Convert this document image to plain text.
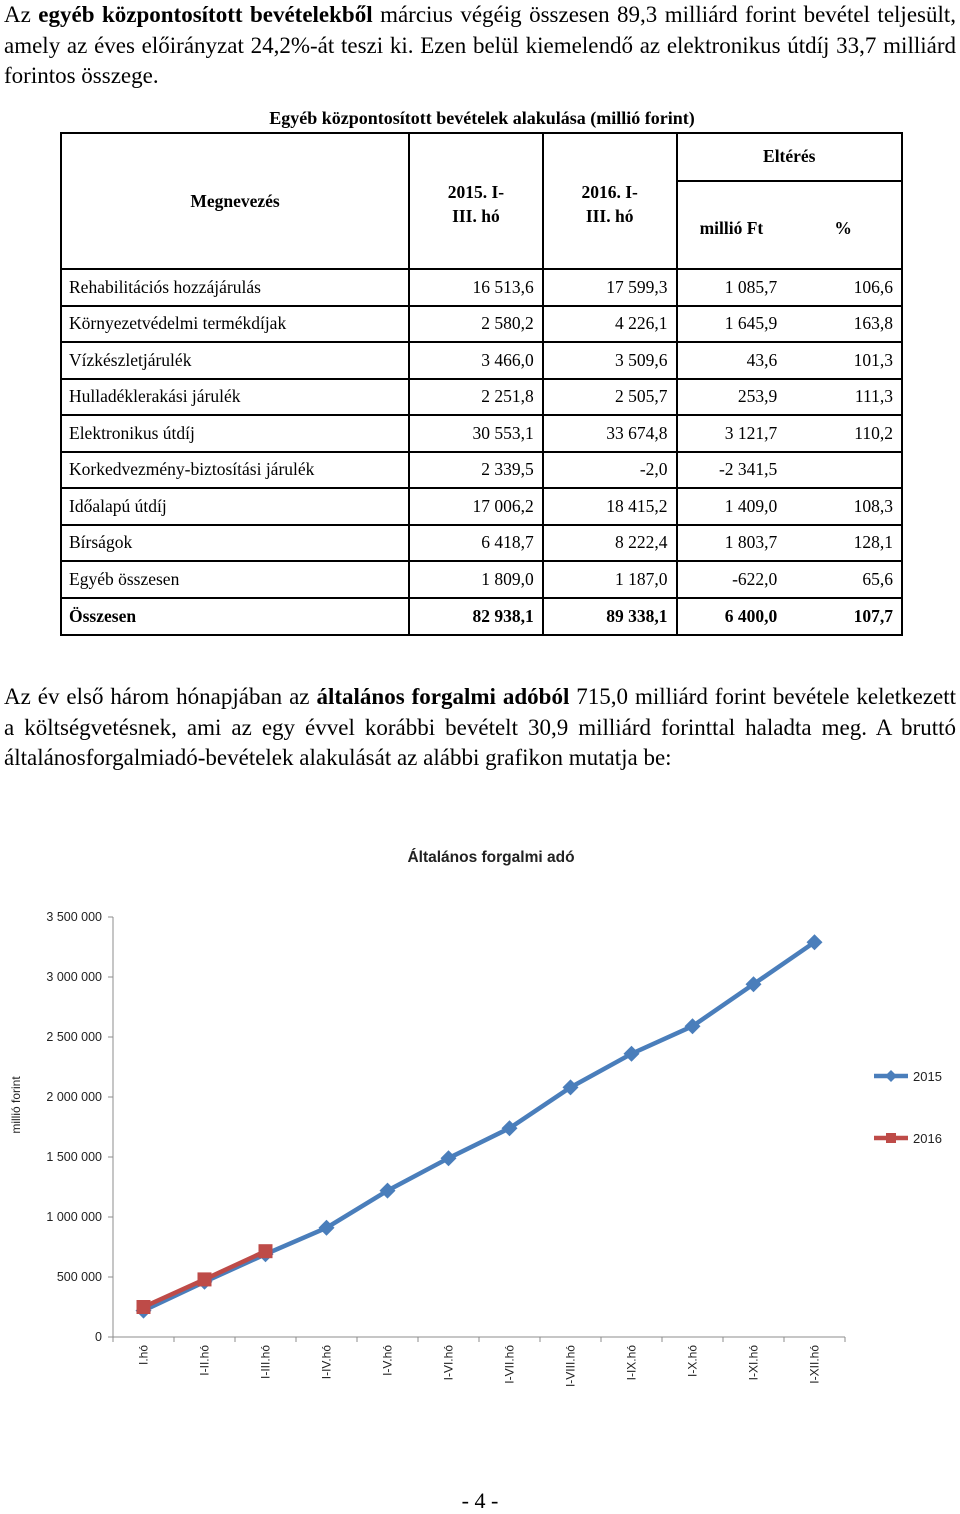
Az egyéb központosított bevételekből március végéig összesen 89,3 milliárd forint bevétel teljesült, amely az éves előirányzat 24,2%-át teszi ki. Ezen belül kiemelendő az elektronikus útdíj 33,7 milliárd forintos összege.
Egyéb központosított bevételek alakulása (millió forint)
Megnevezés	2015. I-III. hó	2016. I-III. hó	Eltérés	
			millió Ft	%
Rehabilitációs hozzájárulás	16 513,6	17 599,3	1 085,7	106,6
Környezetvédelmi termékdíjak	2 580,2	4 226,1	1 645,9	163,8
Vízkészletjárulék	3 466,0	3 509,6	43,6	101,3
Hulladéklerakási járulék	2 251,8	2 505,7	253,9	111,3
Elektronikus útdíj	30 553,1	33 674,8	3 121,7	110,2
Korkedvezmény-biztosítási járulék	2 339,5	-2,0	-2 341,5	
Időalapú útdíj	17 006,2	18 415,2	1 409,0	108,3
Bírságok	6 418,7	8 222,4	1 803,7	128,1
Egyéb összesen	1 809,0	1 187,0	-622,0	65,6
Összesen	82 938,1	89 338,1	6 400,0	107,7
Az év első három hónapjában az általános forgalmi adóból 715,0 milliárd forint bevétele keletkezett a költségvetésnek, ami az egy évvel korábbi bevételt 30,9 milliárd forinttal haladta meg. A bruttó általánosforgalmiadó-bevételek alakulását az alábbi grafikon mutatja be:
Általános forgalmi adó
millió forint
0
500 000
1 000 000
1 500 000
2 000 000
2 500 000
3 000 000
3 500 000
I.hó	I-II.hó	I-III.hó	I-IV.hó	I-V.hó	I-VI.hó	I-VII.hó	I-VIII.hó	I-IX.hó	I-X.hó	I-XI.hó	I-XII.hó
2015
2016
- 4 -
